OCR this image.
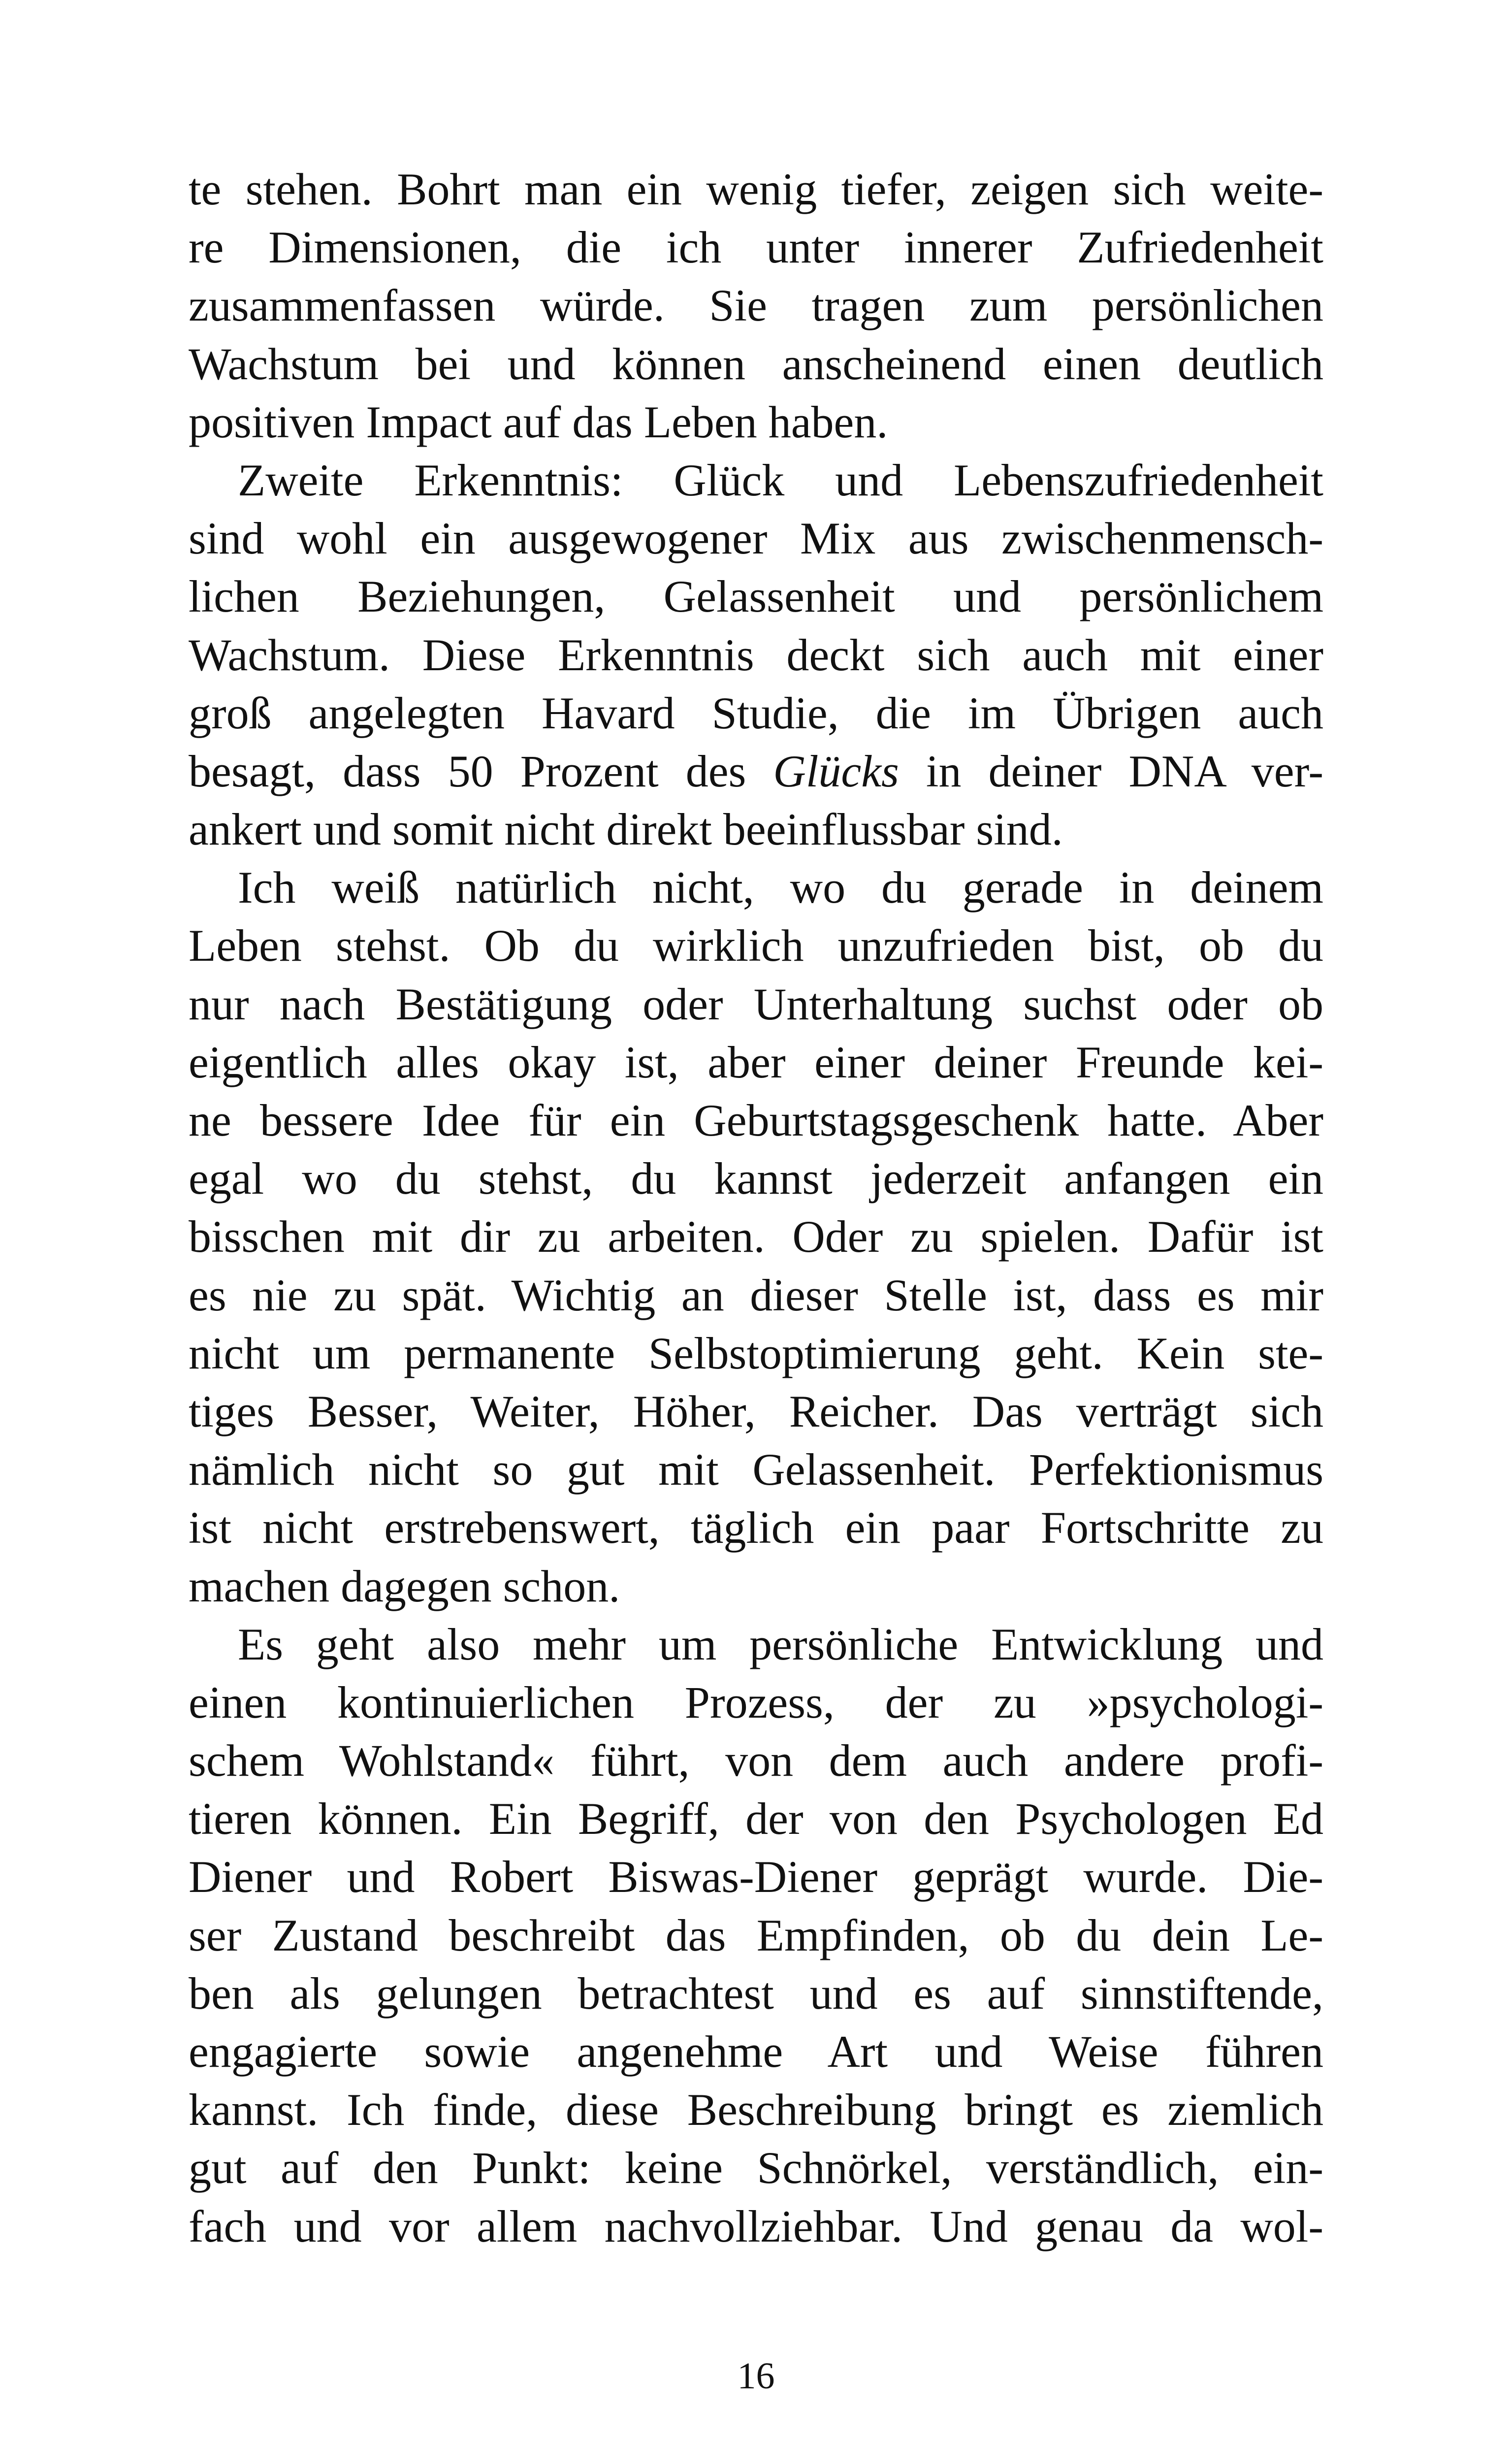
te stehen. Bohrt man ein wenig tiefer, zeigen sich weite-
re Dimensionen, die ich unter innerer Zufriedenheit
zusammenfassen würde. Sie tragen zum persönlichen
Wachstum bei und können anscheinend einen deutlich
positiven Impact auf das Leben haben.
Zweite Erkenntnis: Glück und Lebenszufriedenheit
sind wohl ein ausgewogener Mix aus zwischenmensch-
lichen Beziehungen, Gelassenheit und persönlichem
Wachstum. Diese Erkenntnis deckt sich auch mit einer
groß angelegten Havard Studie, die im Übrigen auch
besagt, dass 50 Prozent des Glücks in deiner DNA ver-
ankert und somit nicht direkt beeinflussbar sind.
Ich weiß natürlich nicht, wo du gerade in deinem
Leben stehst. Ob du wirklich unzufrieden bist, ob du
nur nach Bestätigung oder Unterhaltung suchst oder ob
eigentlich alles okay ist, aber einer deiner Freunde kei-
ne bessere Idee für ein Geburtstagsgeschenk hatte. Aber
egal wo du stehst, du kannst jederzeit anfangen ein
bisschen mit dir zu arbeiten. Oder zu spielen. Dafür ist
es nie zu spät. Wichtig an dieser Stelle ist, dass es mir
nicht um permanente Selbstoptimierung geht. Kein ste-
tiges Besser, Weiter, Höher, Reicher. Das verträgt sich
nämlich nicht so gut mit Gelassenheit. Perfektionismus
ist nicht erstrebenswert, täglich ein paar Fortschritte zu
machen dagegen schon.
Es geht also mehr um persönliche Entwicklung und
einen kontinuierlichen Prozess, der zu »psychologi-
schem Wohlstand« führt, von dem auch andere profi-
tieren können. Ein Begriff, der von den Psychologen Ed
Diener und Robert Biswas-Diener geprägt wurde. Die-
ser Zustand beschreibt das Empfinden, ob du dein Le-
ben als gelungen betrachtest und es auf sinnstiftende,
engagierte sowie angenehme Art und Weise führen
kannst. Ich finde, diese Beschreibung bringt es ziemlich
gut auf den Punkt: keine Schnörkel, verständlich, ein-
fach und vor allem nachvollziehbar. Und genau da wol-
16
